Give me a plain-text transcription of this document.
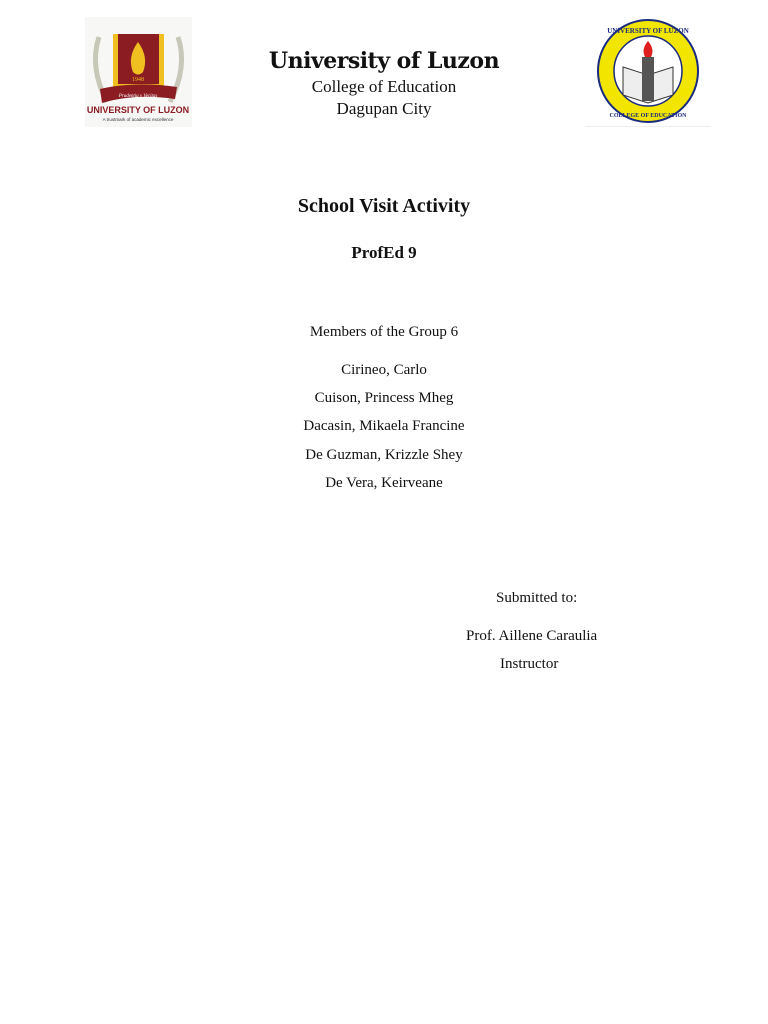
1948
Prudentia y Veritas
UNIVERSITY OF LUZON
A trustmark of academic excellence
University of Luzon
College of Education
Dagupan City
UNIVERSITY OF LUZON
COLLEGE OF EDUCATION
School Visit Activity
ProfEd 9
Members of the Group 6
Cirineo, Carlo
Cuison, Princess Mheg
Dacasin, Mikaela Francine
De Guzman, Krizzle Shey
De Vera, Keirveane
Submitted to:
Prof. Aillene Caraulia
Instructor
